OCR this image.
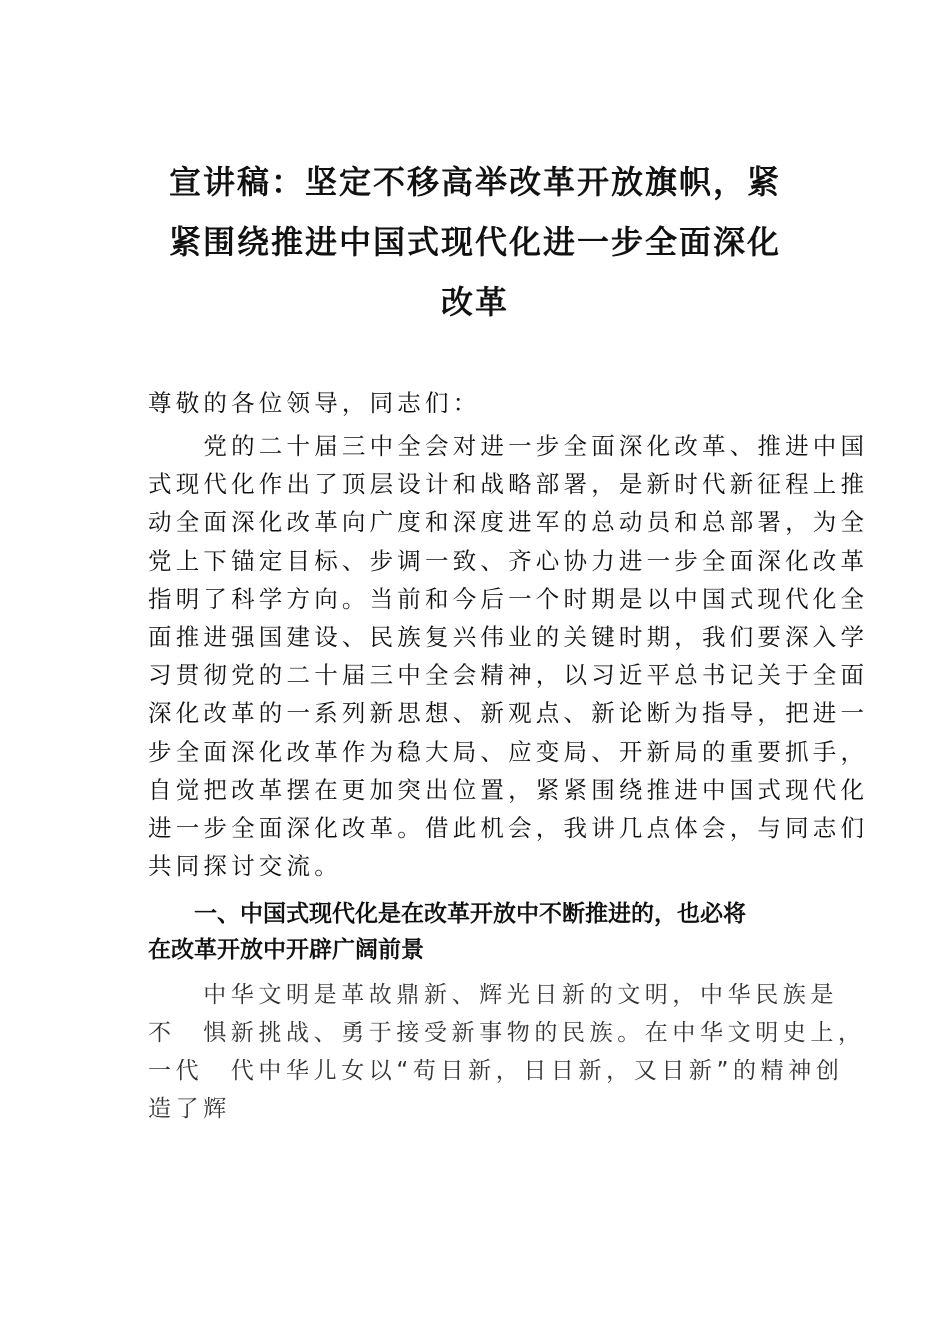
宣讲稿：坚定不移高举改革开放旗帜，紧
紧围绕推进中国式现代化进一步全面深化
改革

尊敬的各位领导，同志们：

　　党的二十届三中全会对进一步全面深化改革、推进中国
式现代化作出了顶层设计和战略部署，是新时代新征程上推
动全面深化改革向广度和深度进军的总动员和总部署，为全
党上下锚定目标、步调一致、齐心协力进一步全面深化改革
指明了科学方向。当前和今后一个时期是以中国式现代化全
面推进强国建设、民族复兴伟业的关键时期，我们要深入学
习贯彻党的二十届三中全会精神，以习近平总书记关于全面
深化改革的一系列新思想、新观点、新论断为指导，把进一
步全面深化改革作为稳大局、应变局、开新局的重要抓手，
自觉把改革摆在更加突出位置，紧紧围绕推进中国式现代化
进一步全面深化改革。借此机会，我讲几点体会，与同志们
共同探讨交流。

　　一、中国式现代化是在改革开放中不断推进的，也必将
在改革开放中开辟广阔前景

　　中华文明是革故鼎新、辉光日新的文明，中华民族是
不　惧新挑战、勇于接受新事物的民族。在中华文明史上，
一代　代中华儿女以“苟日新，日日新，又日新”的精神创
造了辉
